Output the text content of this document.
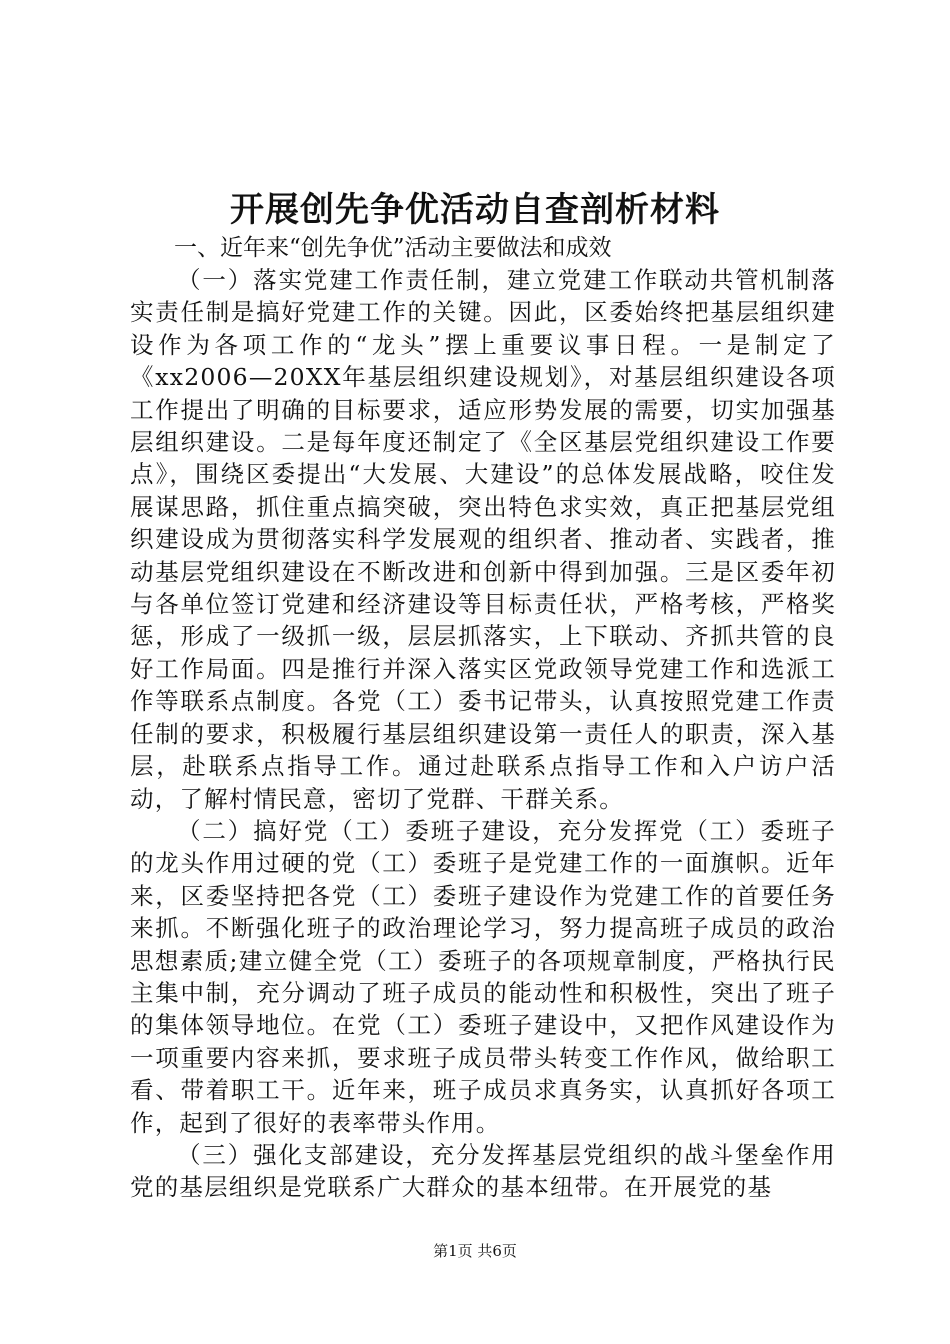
开展创先争优活动自查剖析材料

一、近年来“创先争优”活动主要做法和成效

（一）落实党建工作责任制，建立党建工作联动共管机制落实责任制是搞好党建工作的关键。因此，区委始终把基层组织建设作为各项工作的“龙头”摆上重要议事日程。一是制定了《xx2006—20XX年基层组织建设规划》，对基层组织建设各项工作提出了明确的目标要求，适应形势发展的需要，切实加强基层组织建设。二是每年度还制定了《全区基层党组织建设工作要点》，围绕区委提出“大发展、大建设”的总体发展战略，咬住发展谋思路，抓住重点搞突破，突出特色求实效，真正把基层党组织建设成为贯彻落实科学发展观的组织者、推动者、实践者，推动基层党组织建设在不断改进和创新中得到加强。三是区委年初与各单位签订党建和经济建设等目标责任状，严格考核，严格奖惩，形成了一级抓一级，层层抓落实，上下联动、齐抓共管的良好工作局面。四是推行并深入落实区党政领导党建工作和选派工作等联系点制度。各党（工）委书记带头，认真按照党建工作责任制的要求，积极履行基层组织建设第一责任人的职责，深入基层，赴联系点指导工作。通过赴联系点指导工作和入户访户活动，了解村情民意，密切了党群、干群关系。

（二）搞好党（工）委班子建设，充分发挥党（工）委班子的龙头作用过硬的党（工）委班子是党建工作的一面旗帜。近年来，区委坚持把各党（工）委班子建设作为党建工作的首要任务来抓。不断强化班子的政治理论学习，努力提高班子成员的政治思想素质;建立健全党（工）委班子的各项规章制度，严格执行民主集中制，充分调动了班子成员的能动性和积极性，突出了班子的集体领导地位。在党（工）委班子建设中，又把作风建设作为一项重要内容来抓，要求班子成员带头转变工作作风，做给职工看、带着职工干。近年来，班子成员求真务实，认真抓好各项工作，起到了很好的表率带头作用。

（三）强化支部建设，充分发挥基层党组织的战斗堡垒作用党的基层组织是党联系广大群众的基本纽带。在开展党的基

第1页 共6页
